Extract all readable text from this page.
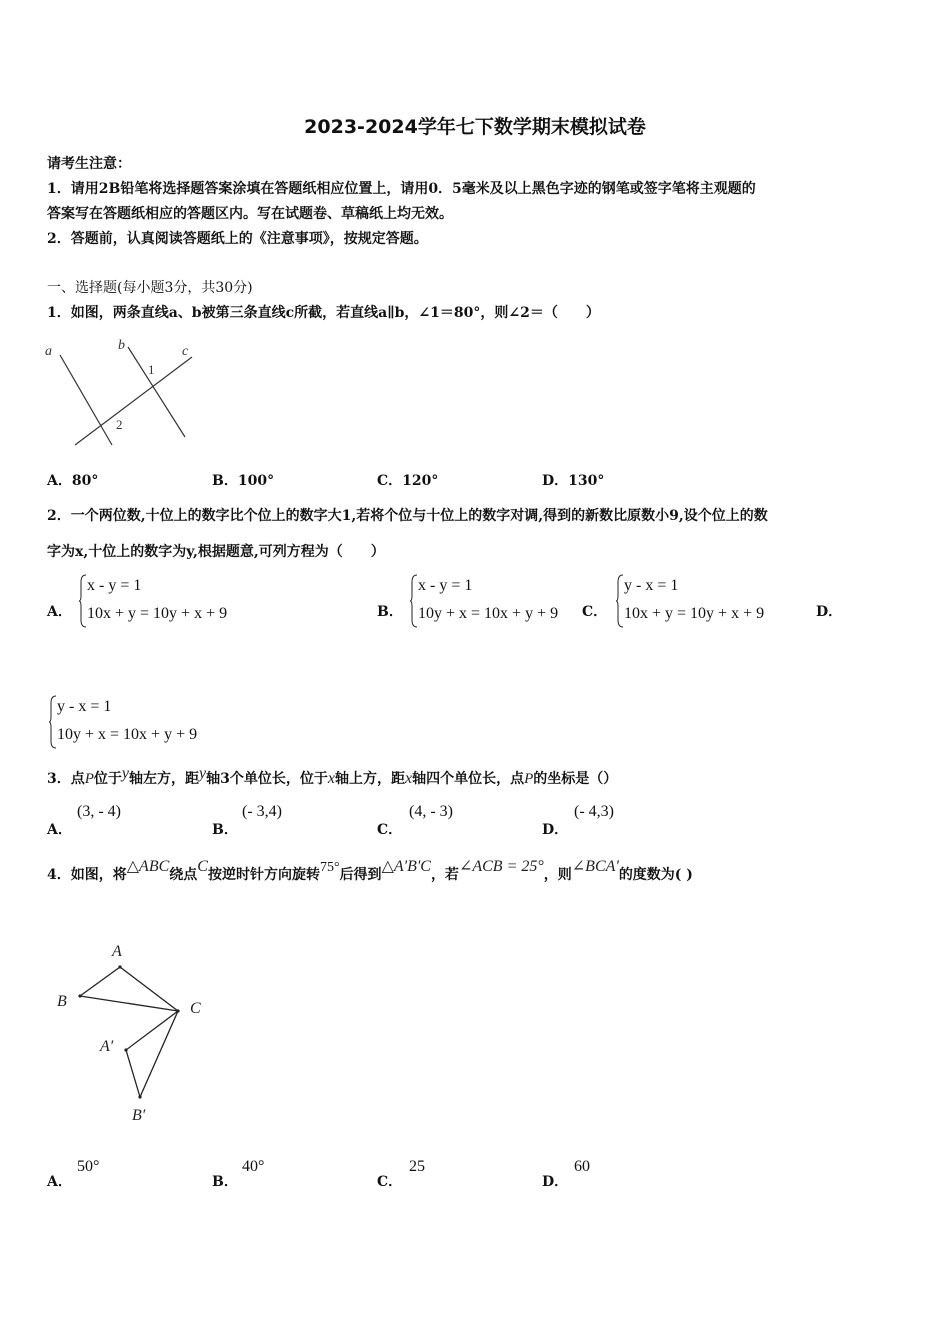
2023-2024学年七下数学期末模拟试卷
请考生注意：
1．请用2B铅笔将选择题答案涂填在答题纸相应位置上，请用0．5毫米及以上黑色字迹的钢笔或签字笔将主观题的
答案写在答题纸相应的答题区内。写在试题卷、草稿纸上均无效。
2．答题前，认真阅读答题纸上的《注意事项》，按规定答题。
一、选择题(每小题3分，共30分)
1．如图，两条直线a、b被第三条直线c所截，若直线a∥b，∠1＝80°，则∠2＝（　　）
a	b	c
1
2
A．80°	B．100°	C．120°	D．130°
2．一个两位数,十位上的数字比个位上的数字大1,若将个位与十位上的数字对调,得到的新数比原数小9,设个位上的数
字为x,十位上的数字为y,根据题意,可列方程为（　　）
A．
x - y = 1
10x + y = 10y + x + 9	B．
x - y = 1
10y + x = 10x + y + 9 C．
y - x = 1
10x + y = 10y + x + 9	D．
y - x = 1
10y + x = 10x + y + 9
3．点P位于y轴左方，距y轴3个单位长，位于x轴上方，距x轴四个单位长，点P的坐标是（）
A．
(3, - 4)
B．
(- 3,4)
C．
(4, - 3)
D．
(- 4,3)
4．如图，将△ABC绕点C按逆时针方向旋转75°后得到△A'B'C，若∠ACB = 25°，则∠BCA'的度数为( )
A
B	C
A′
B′
A．
50°
B．
40°
C．
25
D．
60
